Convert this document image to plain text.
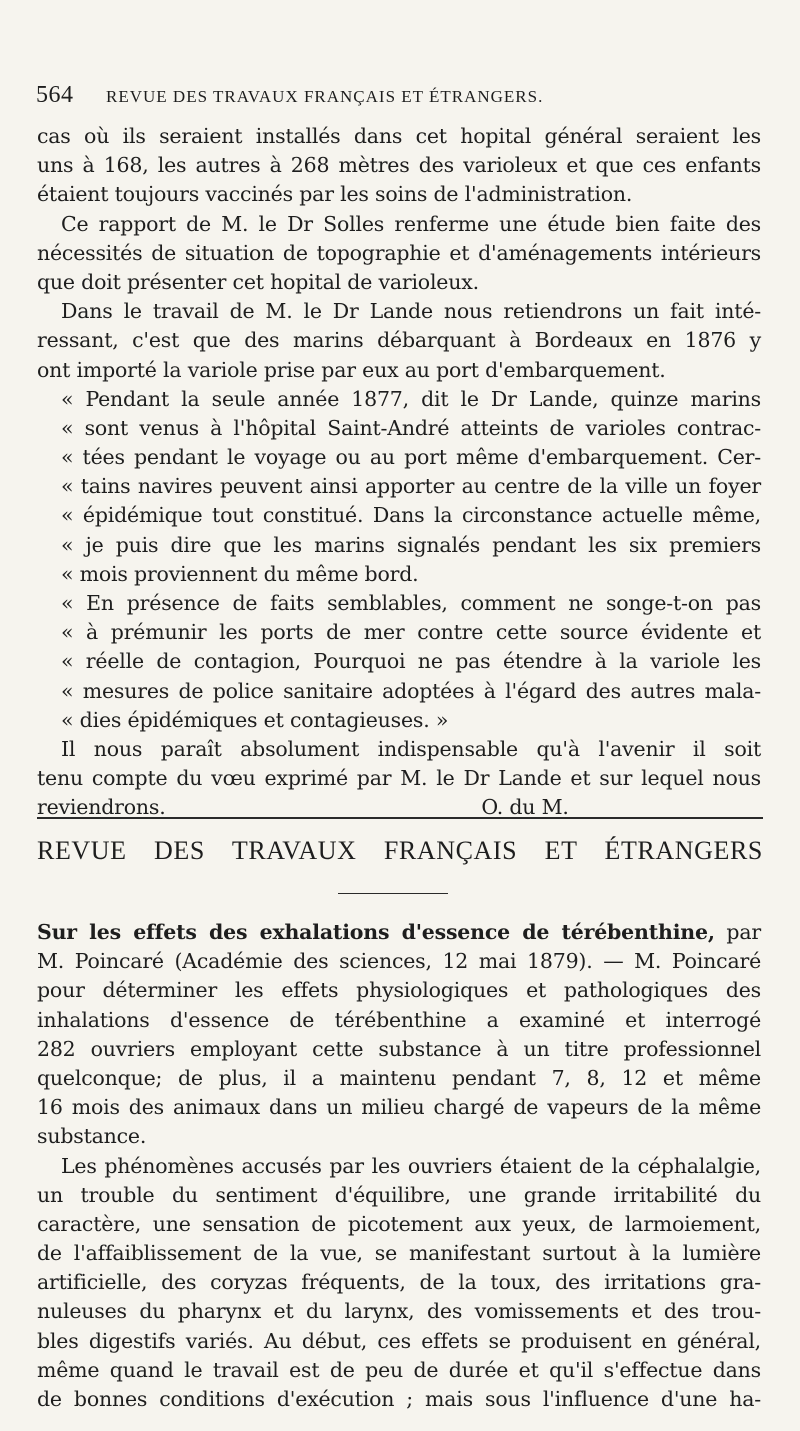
564 REVUE DES TRAVAUX FRANÇAIS ET ÉTRANGERS.
cas où ils seraient installés dans cet hopital général seraient les
uns à 168, les autres à 268 mètres des varioleux et que ces enfants
étaient toujours vaccinés par les soins de l'administration.
Ce rapport de M. le Dr Solles renferme une étude bien faite des
nécessités de situation de topographie et d'aménagements intérieurs
que doit présenter cet hopital de varioleux.
Dans le travail de M. le Dr Lande nous retiendrons un fait inté-
ressant, c'est que des marins débarquant à Bordeaux en 1876 y
ont importé la variole prise par eux au port d'embarquement.
« Pendant la seule année 1877, dit le Dr Lande, quinze marins
« sont venus à l'hôpital Saint-André atteints de varioles contrac-
« tées pendant le voyage ou au port même d'embarquement. Cer-
« tains navires peuvent ainsi apporter au centre de la ville un foyer
« épidémique tout constitué. Dans la circonstance actuelle même,
« je puis dire que les marins signalés pendant les six premiers
« mois proviennent du même bord.
« En présence de faits semblables, comment ne songe-t-on pas
« à prémunir les ports de mer contre cette source évidente et
« réelle de contagion, Pourquoi ne pas étendre à la variole les
« mesures de police sanitaire adoptées à l'égard des autres mala-
« dies épidémiques et contagieuses. »
Il nous paraît absolument indispensable qu'à l'avenir il soit
tenu compte du vœu exprimé par M. le Dr Lande et sur lequel nous
reviendrons.                                                  O. du M.
REVUE DES TRAVAUX FRANÇAIS ET ÉTRANGERS
Sur les effets des exhalations d'essence de térébenthine, par
M. Poincaré (Académie des sciences, 12 mai 1879). — M. Poincaré
pour déterminer les effets physiologiques et pathologiques des
inhalations d'essence de térébenthine a examiné et interrogé
282 ouvriers employant cette substance à un titre professionnel
quelconque; de plus, il a maintenu pendant 7, 8, 12 et même
16 mois des animaux dans un milieu chargé de vapeurs de la même
substance.
Les phénomènes accusés par les ouvriers étaient de la céphalalgie,
un trouble du sentiment d'équilibre, une grande irritabilité du
caractère, une sensation de picotement aux yeux, de larmoiement,
de l'affaiblissement de la vue, se manifestant surtout à la lumière
artificielle, des coryzas fréquents, de la toux, des irritations gra-
nuleuses du pharynx et du larynx, des vomissements et des trou-
bles digestifs variés. Au début, ces effets se produisent en général,
même quand le travail est de peu de durée et qu'il s'effectue dans
de bonnes conditions d'exécution ; mais sous l'influence d'une ha-
